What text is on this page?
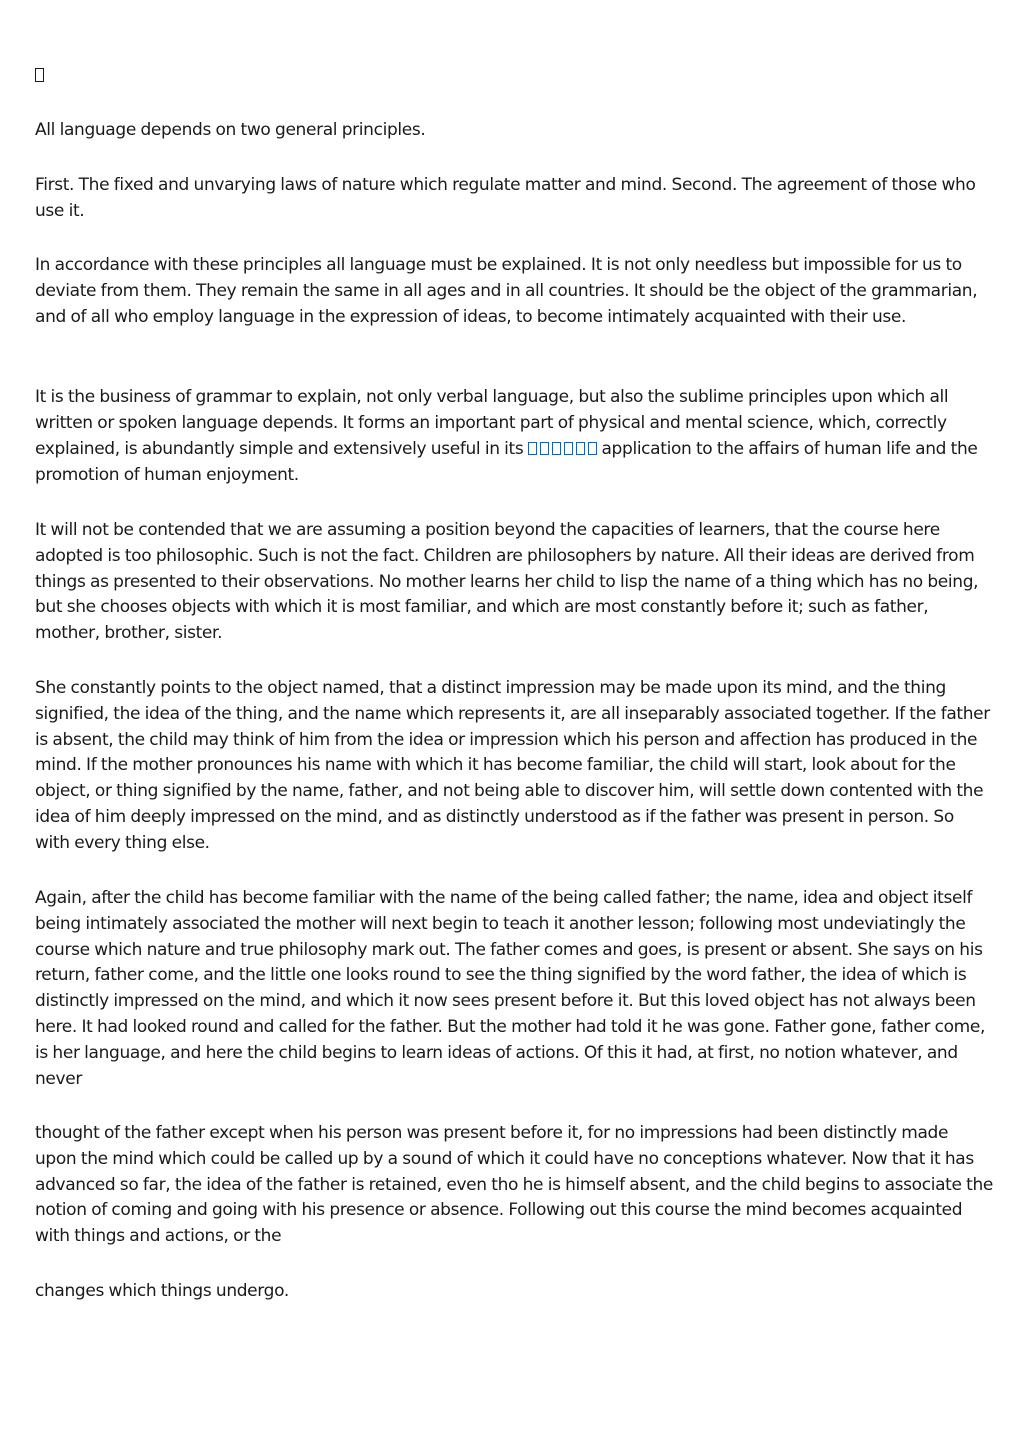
All language depends on two general principles.

First. The fixed and unvarying laws of nature which regulate matter and mind. Second. The agreement of those who use it.

In accordance with these principles all language must be explained. It is not only needless but impossible for us to deviate from them. They remain the same in all ages and in all countries. It should be the object of the grammarian, and of all who employ language in the expression of ideas, to become intimately acquainted with their use.

It is the business of grammar to explain, not only verbal language, but also the sublime principles upon which all written or spoken language depends. It forms an important part of physical and mental science, which, correctly explained, is abundantly simple and extensively useful in its	application to the affairs of human life and the promotion of human enjoyment.

It will not be contended that we are assuming a position beyond the capacities of learners, that the course here adopted is too philosophic. Such is not the fact. Children are philosophers by nature. All their ideas are derived from things as presented to their observations. No mother learns her child to lisp the name of a thing which has no being, but she chooses objects with which it is most familiar, and which are most constantly before it; such as father, mother, brother, sister.

She constantly points to the object named, that a distinct impression may be made upon its mind, and the thing signified, the idea of the thing, and the name which represents it, are all inseparably associated together. If the father is absent, the child may think of him from the idea or impression which his person and affection has produced in the mind. If the mother pronounces his name with which it has become familiar, the child will start, look about for the object, or thing signified by the name, father, and not being able to discover him, will settle down contented with the idea of him deeply impressed on the mind, and as distinctly understood as if the father was present in person. So with every thing else.

Again, after the child has become familiar with the name of the being called father; the name, idea and object itself being intimately associated the mother will next begin to teach it another lesson; following most undeviatingly the course which nature and true philosophy mark out. The father comes and goes, is present or absent. She says on his return, father come, and the little one looks round to see the thing signified by the word father, the idea of which is distinctly impressed on the mind, and which it now sees present before it. But this loved object has not always been here. It had looked round and called for the father. But the mother had told it he was gone. Father gone, father come, is her language, and here the child begins to learn ideas of actions. Of this it had, at first, no notion whatever, and never

thought of the father except when his person was present before it, for no impressions had been distinctly made upon the mind which could be called up by a sound of which it could have no conceptions whatever. Now that it has advanced so far, the idea of the father is retained, even tho he is himself absent, and the child begins to associate the notion of coming and going with his presence or absence. Following out this course the mind becomes acquainted with things and actions, or the

changes which things undergo.
